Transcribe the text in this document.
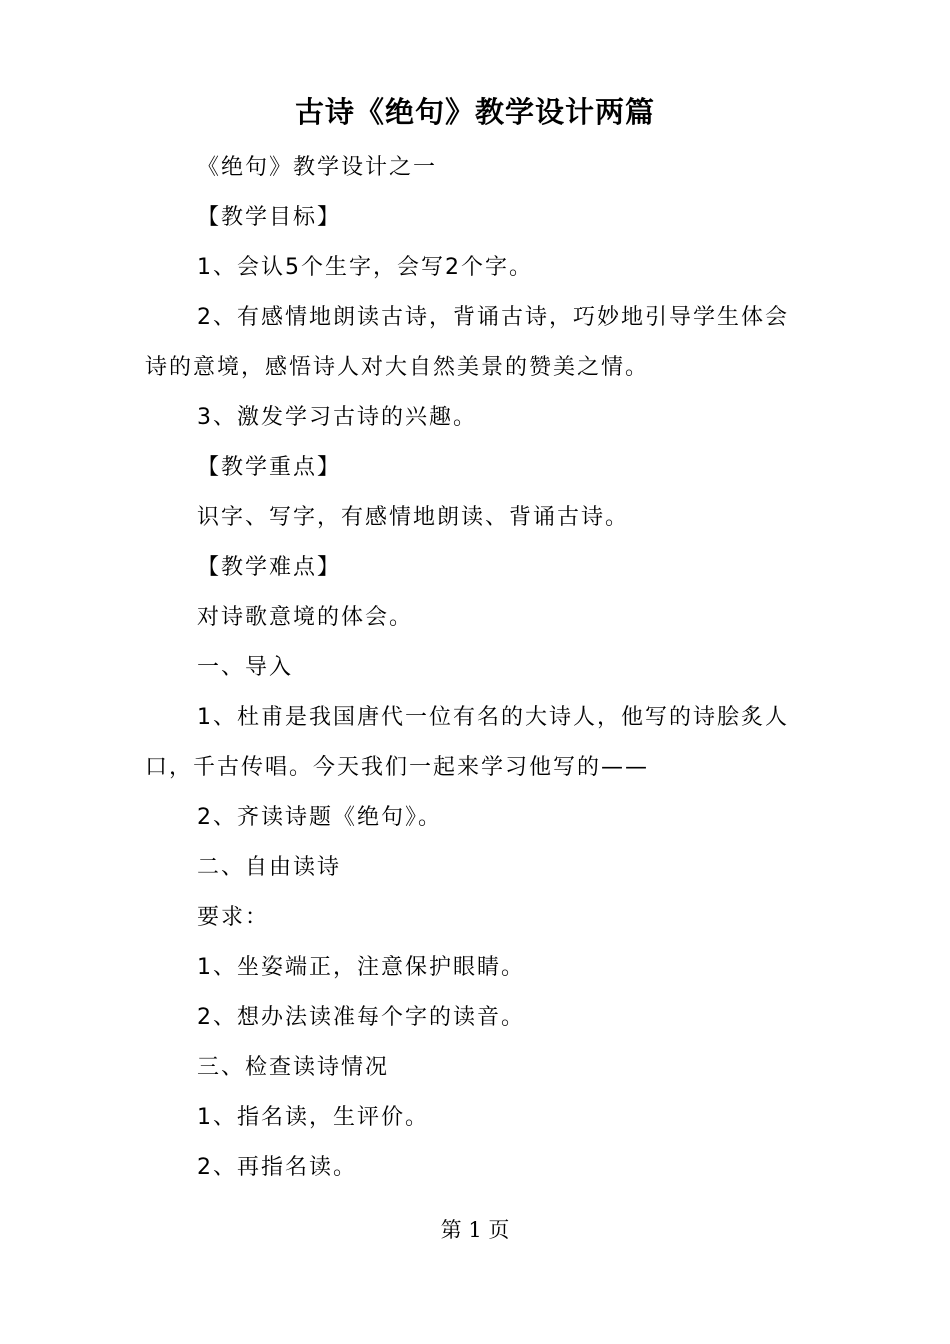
古诗《绝句》教学设计两篇

《绝句》教学设计之一

【教学目标】

1、会认5个生字，会写2个字。

2、有感情地朗读古诗，背诵古诗，巧妙地引导学生体会诗的意境，感悟诗人对大自然美景的赞美之情。

3、激发学习古诗的兴趣。

【教学重点】

识字、写字，有感情地朗读、背诵古诗。

【教学难点】

对诗歌意境的体会。

一、导入

1、杜甫是我国唐代一位有名的大诗人，他写的诗脍炙人口，千古传唱。今天我们一起来学习他写的——

2、齐读诗题《绝句》。

二、自由读诗

要求：

1、坐姿端正，注意保护眼睛。

2、想办法读准每个字的读音。

三、检查读诗情况

1、指名读，生评价。

2、再指名读。

第 1 页
